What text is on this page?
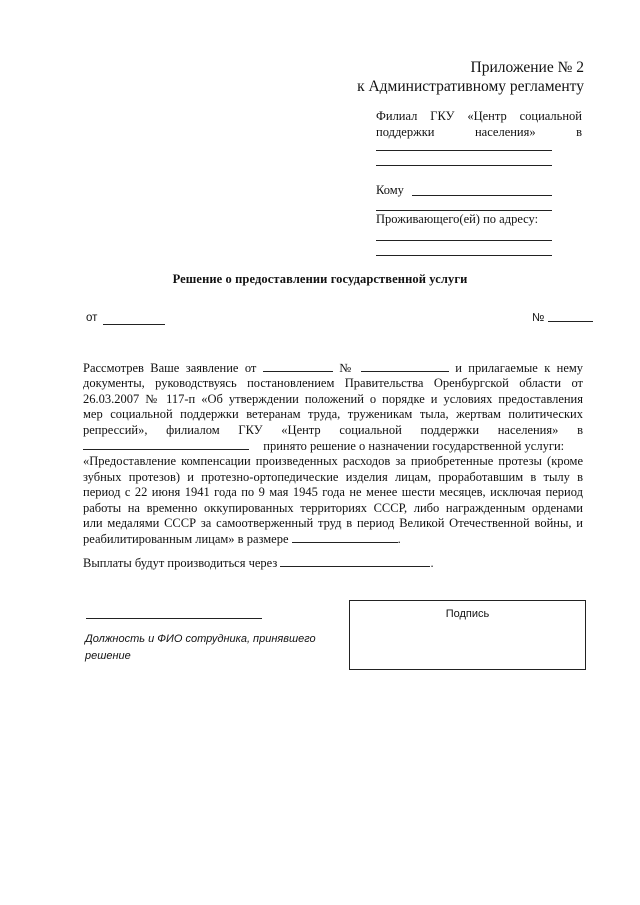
Приложение № 2
к Административному регламенту
Филиал ГКУ «Центр социальной
поддержки	населения»	в
Кому
Проживающего(ей) по адресу:
Решение о предоставлении государственной услуги
от	№
Рассмотрев Ваше заявление от	№	и прилагаемые к нему
документы, руководствуясь постановлением Правительства Оренбургской области от
26.03.2007 № 117-п «Об утверждении положений о порядке и условиях предоставления
мер социальной поддержки ветеранам труда, труженикам тыла, жертвам политических
репрессий», филиалом ГКУ «Центр социальной поддержки населения» в
принято решение о назначении государственной услуги:
«Предоставление компенсации произведенных расходов за приобретенные протезы (кроме
зубных протезов) и протезно-ортопедические изделия лицам, проработавшим в тылу в
период с 22 июня 1941 года по 9 мая 1945 года не менее шести месяцев, исключая период
работы на временно оккупированных территориях СССР, либо награжденным орденами
или медалями СССР за самоотверженный труд в период Великой Отечественной войны, и
реабилитированным лицам» в размере	.
Выплаты будут производиться через	.
Должность и ФИО сотрудника, принявшего
решение
Подпись
